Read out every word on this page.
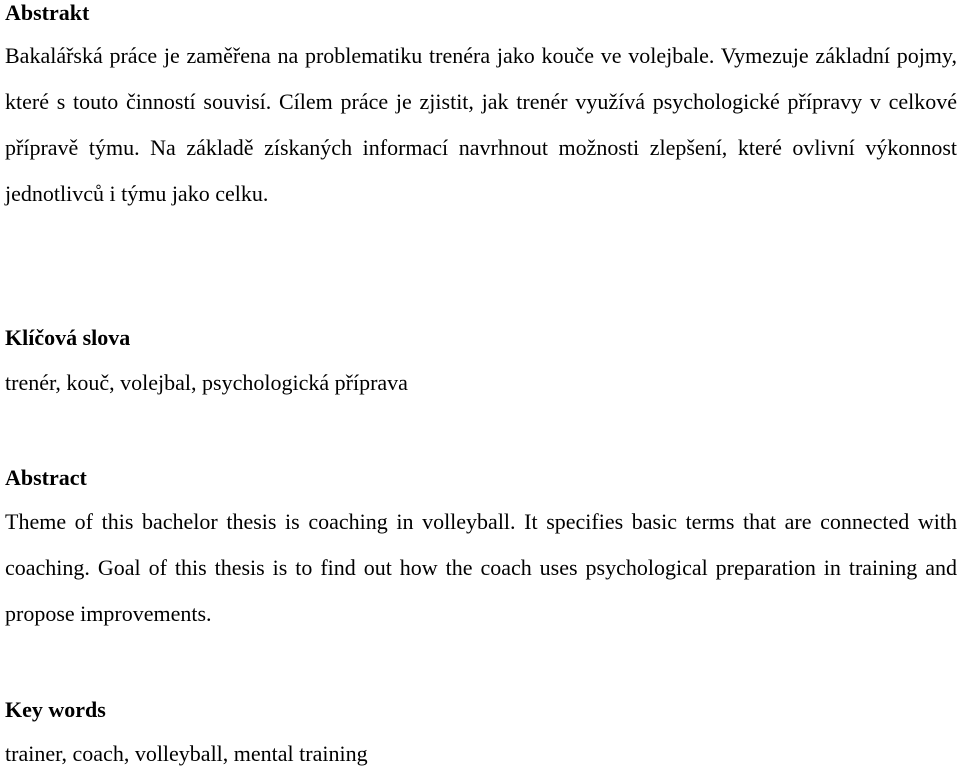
Abstrakt

Bakalářská práce je zaměřena na problematiku trenéra jako kouče ve volejbale. Vymezuje základní pojmy, které s touto činností souvisí. Cílem práce je zjistit, jak trenér využívá psychologické přípravy v celkové přípravě týmu. Na základě získaných informací navrhnout možnosti zlepšení, které ovlivní výkonnost jednotlivců i týmu jako celku.

Klíčová slova

trenér, kouč, volejbal, psychologická příprava

Abstract

Theme of this bachelor thesis is coaching in volleyball. It specifies basic terms that are connected with coaching. Goal of this thesis is to find out how the coach uses psychological preparation in training and propose improvements.

Key words

trainer, coach, volleyball, mental training
